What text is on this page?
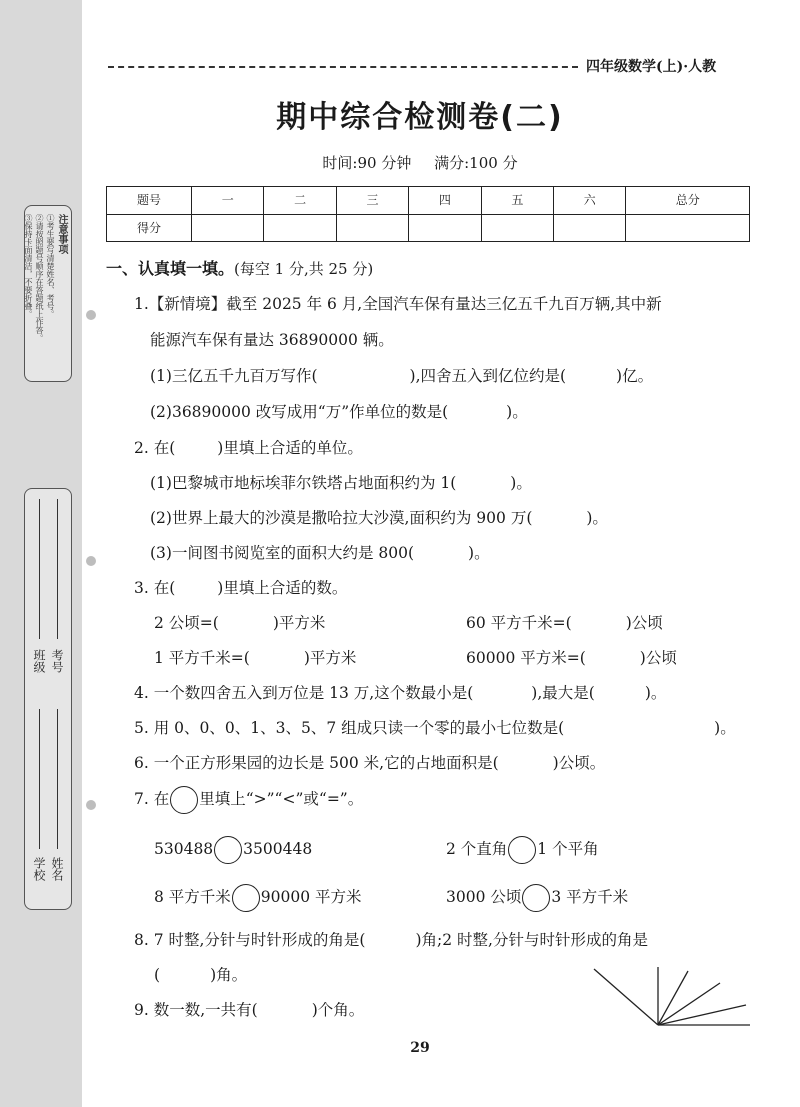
注意事项
①考生要写清楚姓名、考号。
②请按照题号顺序在答题纸上作答。
③保持卡面清洁，不要折叠。
学校 姓名
班级 考号
四年级数学(上)·人教
期中综合检测卷(二)
时间:90 分钟 满分:100 分
题号	一	二	三	四	五	六	总分
得分							
一、认真填一填。(每空 1 分,共 25 分)
1.【新情境】截至 2025 年 6 月,全国汽车保有量达三亿五千九百万辆,其中新
能源汽车保有量达 36890000 辆。
(1)三亿五千九百万写作(	),四舍五入到亿位约是(	)亿。
(2)36890000 改写成用“万”作单位的数是(	)。
2. 在(	)里填上合适的单位。
(1)巴黎城市地标埃菲尔铁塔占地面积约为 1(	)。
(2)世界上最大的沙漠是撒哈拉大沙漠,面积约为 900 万(	)。
(3)一间图书阅览室的面积大约是 800(	)。
3. 在(	)里填上合适的数。
2 公顷=(	)平方米	60 平方千米=(	)公顷
1 平方千米=(	)平方米	60000 平方米=(	)公顷
4. 一个数四舍五入到万位是 13 万,这个数最小是(	),最大是(	)。
5. 用 0、0、0、1、3、5、7 组成只读一个零的最小七位数是(	)。
6. 一个正方形果园的边长是 500 米,它的占地面积是(	)公顷。
7. 在 里填上“>”“<”或“=”。
530488 3500448	2 个直角 1 个平角
8 平方千米 90000 平方米	3000 公顷 3 平方千米
8. 7 时整,分针与时针形成的角是(	)角;2 时整,分针与时针形成的角是
(	)角。
9. 数一数,一共有(	)个角。
29
